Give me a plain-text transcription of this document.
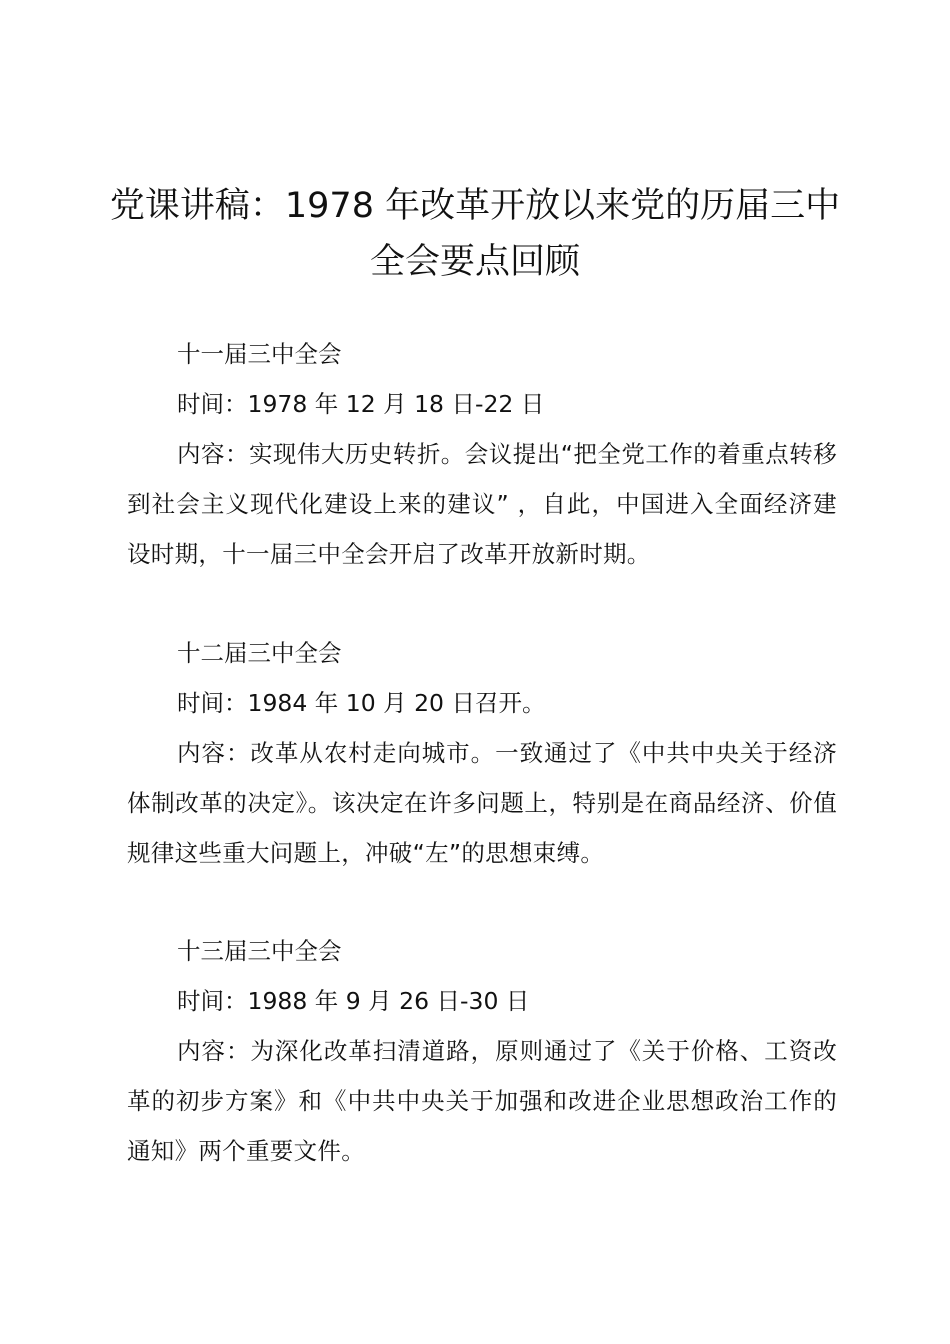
党课讲稿：1978 年改革开放以来党的历届三中全会要点回顾

十一届三中全会

时间：1978 年 12 月 18 日-22 日

内容：实现伟大历史转折。会议提出“把全党工作的着重点转移到社会主义现代化建设上来的建议” ，自此，中国进入全面经济建设时期，十一届三中全会开启了改革开放新时期。

十二届三中全会

时间：1984 年 10 月 20 日召开。

内容：改革从农村走向城市。一致通过了《中共中央关于经济体制改革的决定》。该决定在许多问题上，特别是在商品经济、价值规律这些重大问题上，冲破“左”的思想束缚。

十三届三中全会

时间：1988 年 9 月 26 日-30 日

内容：为深化改革扫清道路，原则通过了《关于价格、工资改革的初步方案》和《中共中央关于加强和改进企业思想政治工作的通知》两个重要文件。
